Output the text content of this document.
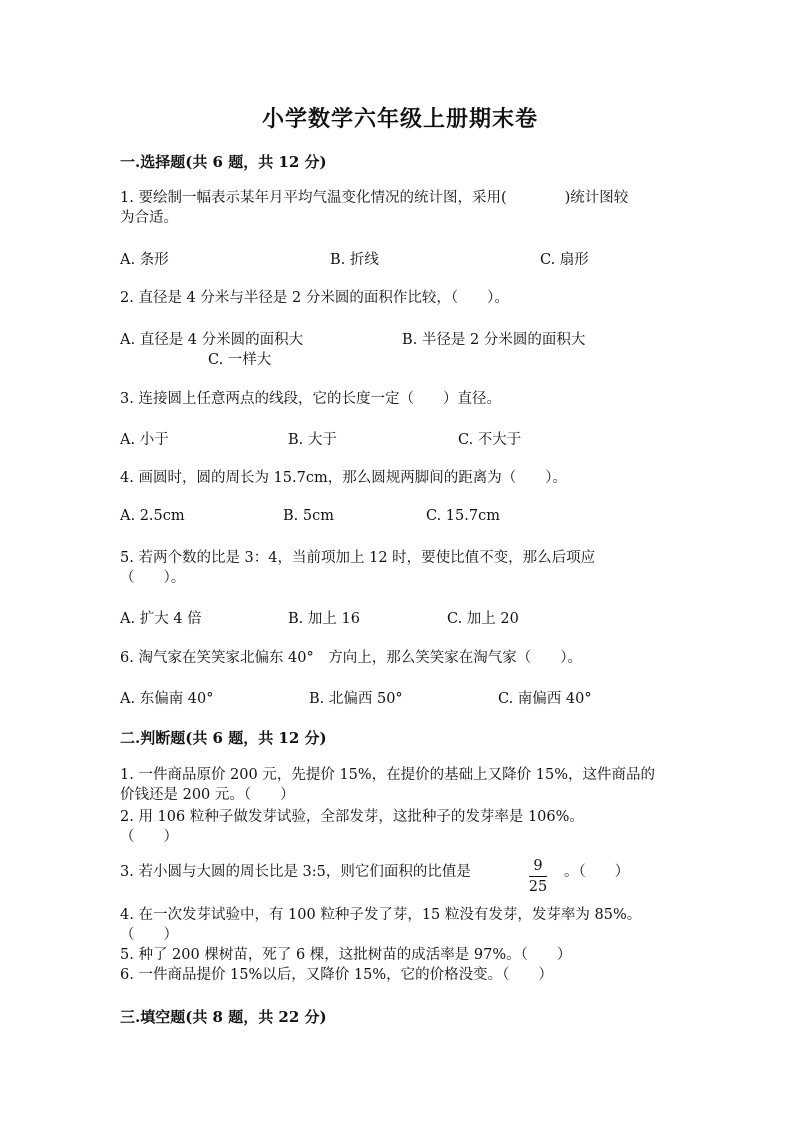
小学数学六年级上册期末卷
一.选择题(共 6 题，共 12 分)
1. 要绘制一幅表示某年月平均气温变化情况的统计图，采用(　　　　)统计图较
为合适。
A. 条形	B. 折线	C. 扇形
2. 直径是 4 分米与半径是 2 分米圆的面积作比较，（　　）。
A. 直径是 4 分米圆的面积大	B. 半径是 2 分米圆的面积大
C. 一样大
3. 连接圆上任意两点的线段，它的长度一定（　　）直径。
A. 小于	B. 大于	C. 不大于
4. 画圆时，圆的周长为 15.7cm，那么圆规两脚间的距离为（　　）。
A. 2.5cm	B. 5cm	C. 15.7cm
5. 若两个数的比是 3：4，当前项加上 12 时，要使比值不变，那么后项应
（　　）。
A. 扩大 4 倍	B. 加上 16	C. 加上 20
6. 淘气家在笑笑家北偏东 40°　方向上，那么笑笑家在淘气家（　　）。
A. 东偏南 40°	B. 北偏西 50°	C. 南偏西 40°
二.判断题(共 6 题，共 12 分)
1. 一件商品原价 200 元，先提价 15%，在提价的基础上又降价 15%，这件商品的
价钱还是 200 元。（　　）
2. 用 106 粒种子做发芽试验，全部发芽，这批种子的发芽率是 106%。
（　　）
3. 若小圆与大圆的周长比是 3:5，则它们面积的比值是	9
25
。（　　）
4. 在一次发芽试验中，有 100 粒种子发了芽，15 粒没有发芽，发芽率为 85%。
（　　）
5. 种了 200 棵树苗，死了 6 棵，这批树苗的成活率是 97%。（　　）
6. 一件商品提价 15%以后，又降价 15%，它的价格没变。（　　）
三.填空题(共 8 题，共 22 分)
